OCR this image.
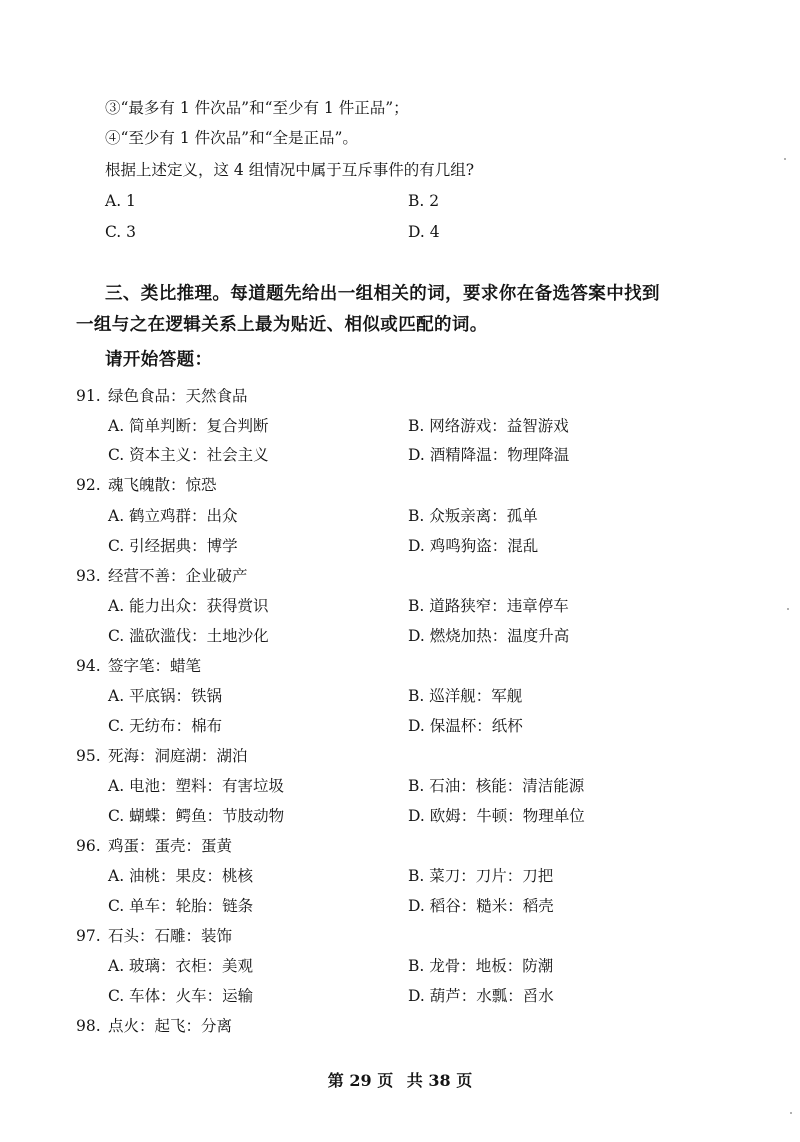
③“最多有 1 件次品”和“至少有 1 件正品”；
④“至少有 1 件次品”和“全是正品”。
根据上述定义，这 4 组情况中属于互斥事件的有几组?
A. 1	B. 2
C. 3	D. 4
三、类比推理。每道题先给出一组相关的词，要求你在备选答案中找到
一组与之在逻辑关系上最为贴近、相似或匹配的词。
请开始答题：
91. 绿色食品：天然食品
A. 简单判断：复合判断	B. 网络游戏：益智游戏
C. 资本主义：社会主义	D. 酒精降温：物理降温
92. 魂飞魄散：惊恐
A. 鹤立鸡群：出众	B. 众叛亲离：孤单
C. 引经据典：博学	D. 鸡鸣狗盗：混乱
93. 经营不善：企业破产
A. 能力出众：获得赏识	B. 道路狭窄：违章停车
C. 滥砍滥伐：土地沙化	D. 燃烧加热：温度升高
94. 签字笔：蜡笔
A. 平底锅：铁锅	B. 巡洋舰：军舰
C. 无纺布：棉布	D. 保温杯：纸杯
95. 死海：洞庭湖：湖泊
A. 电池：塑料：有害垃圾	B. 石油：核能：清洁能源
C. 蝴蝶：鳄鱼：节肢动物	D. 欧姆：牛顿：物理单位
96. 鸡蛋：蛋壳：蛋黄
A. 油桃：果皮：桃核	B. 菜刀：刀片：刀把
C. 单车：轮胎：链条	D. 稻谷：糙米：稻壳
97. 石头：石雕：装饰
A. 玻璃：衣柜：美观	B. 龙骨：地板：防潮
C. 车体：火车：运输	D. 葫芦：水瓢：舀水
98. 点火：起飞：分离
第 29 页 共 38 页
